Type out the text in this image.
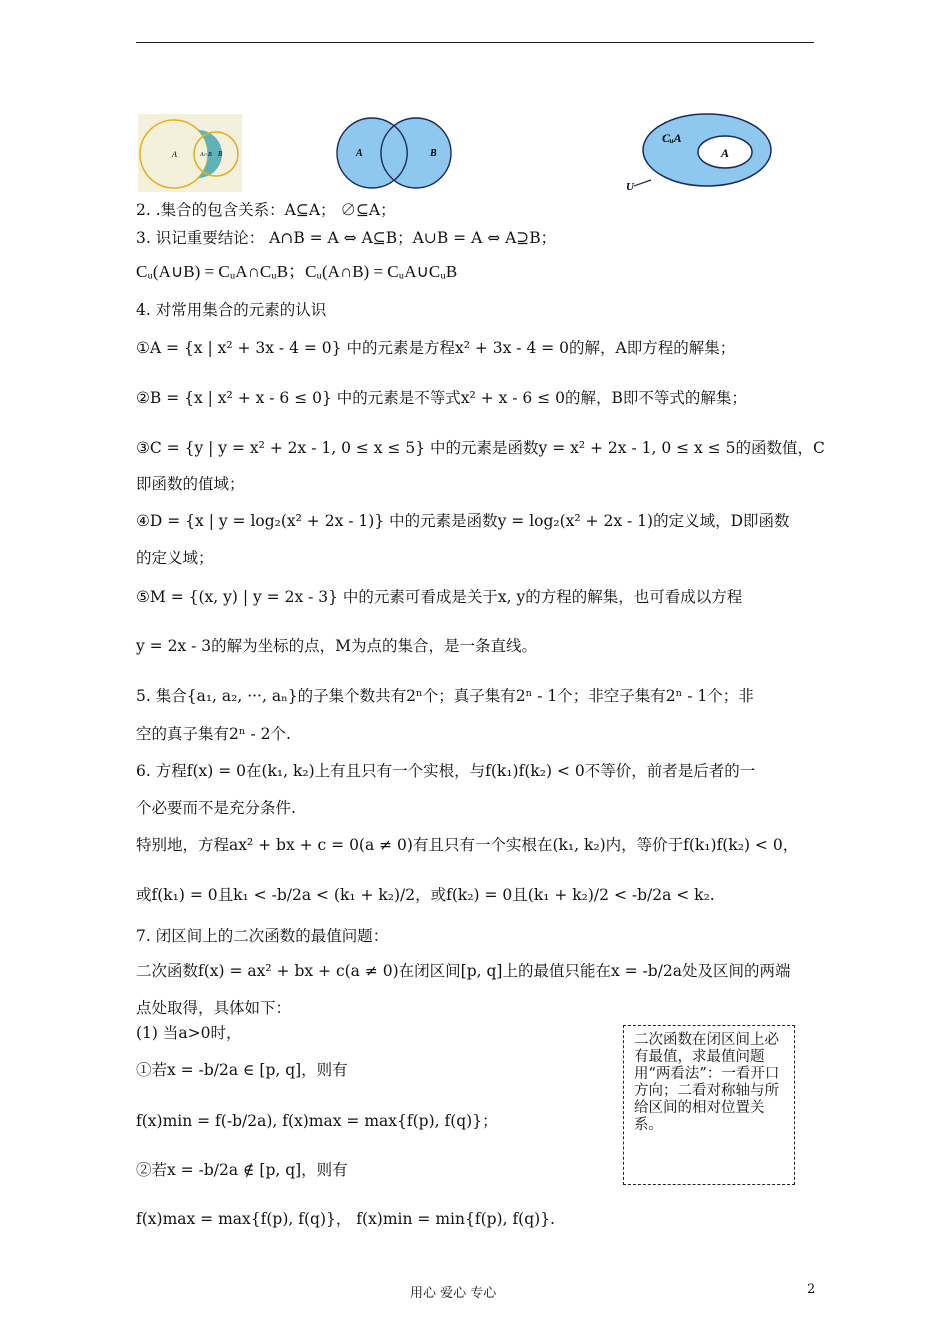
A	A∩B B	A	B
CᵤA
A
U
2. .集合的包含关系：A⊆A； ∅⊆A；
3. 识记重要结论： A∩B = A ⇔ A⊆B；A∪B = A ⇔ A⊇B；
Cᵤ(A∪B) = CᵤA∩CᵤB；Cᵤ(A∩B) = CᵤA∪CᵤB
4. 对常用集合的元素的认识
①A = {x | x² + 3x - 4 = 0} 中的元素是方程x² + 3x - 4 = 0的解，A即方程的解集；
②B = {x | x² + x - 6 ≤ 0} 中的元素是不等式x² + x - 6 ≤ 0的解，B即不等式的解集；
③C = {y | y = x² + 2x - 1, 0 ≤ x ≤ 5} 中的元素是函数y = x² + 2x - 1, 0 ≤ x ≤ 5的函数值，C
即函数的值域；
④D = {x | y = log₂(x² + 2x - 1)} 中的元素是函数y = log₂(x² + 2x - 1)的定义域，D即函数
的定义域；
⑤M = {(x, y) | y = 2x - 3} 中的元素可看成是关于x, y的方程的解集，也可看成以方程
y = 2x - 3的解为坐标的点，M为点的集合，是一条直线。
5. 集合{a₁, a₂, ···, aₙ}的子集个数共有2ⁿ个；真子集有2ⁿ - 1个；非空子集有2ⁿ - 1个；非
空的真子集有2ⁿ - 2个.
6. 方程f(x) = 0在(k₁, k₂)上有且只有一个实根，与f(k₁)f(k₂) < 0不等价，前者是后者的一
个必要而不是充分条件.
特别地，方程ax² + bx + c = 0(a ≠ 0)有且只有一个实根在(k₁, k₂)内，等价于f(k₁)f(k₂) < 0，
或f(k₁) = 0且k₁ < -b/2a < (k₁ + k₂)/2，或f(k₂) = 0且(k₁ + k₂)/2 < -b/2a < k₂.
7. 闭区间上的二次函数的最值问题：
二次函数f(x) = ax² + bx + c(a ≠ 0)在闭区间[p, q]上的最值只能在x = -b/2a处及区间的两端
点处取得，具体如下：
(1) 当a>0时，
①若x = -b/2a ∈ [p, q]，则有
f(x)min = f(-b/2a), f(x)max = max{f(p), f(q)}；
②若x = -b/2a ∉ [p, q]，则有
f(x)max = max{f(p), f(q)}， f(x)min = min{f(p), f(q)}.
二次函数在闭区间上必有最值，求最值问题用“两看法”：一看开口方向；二看对称轴与所给区间的相对位置关系。
用心 爱心 专心	2
